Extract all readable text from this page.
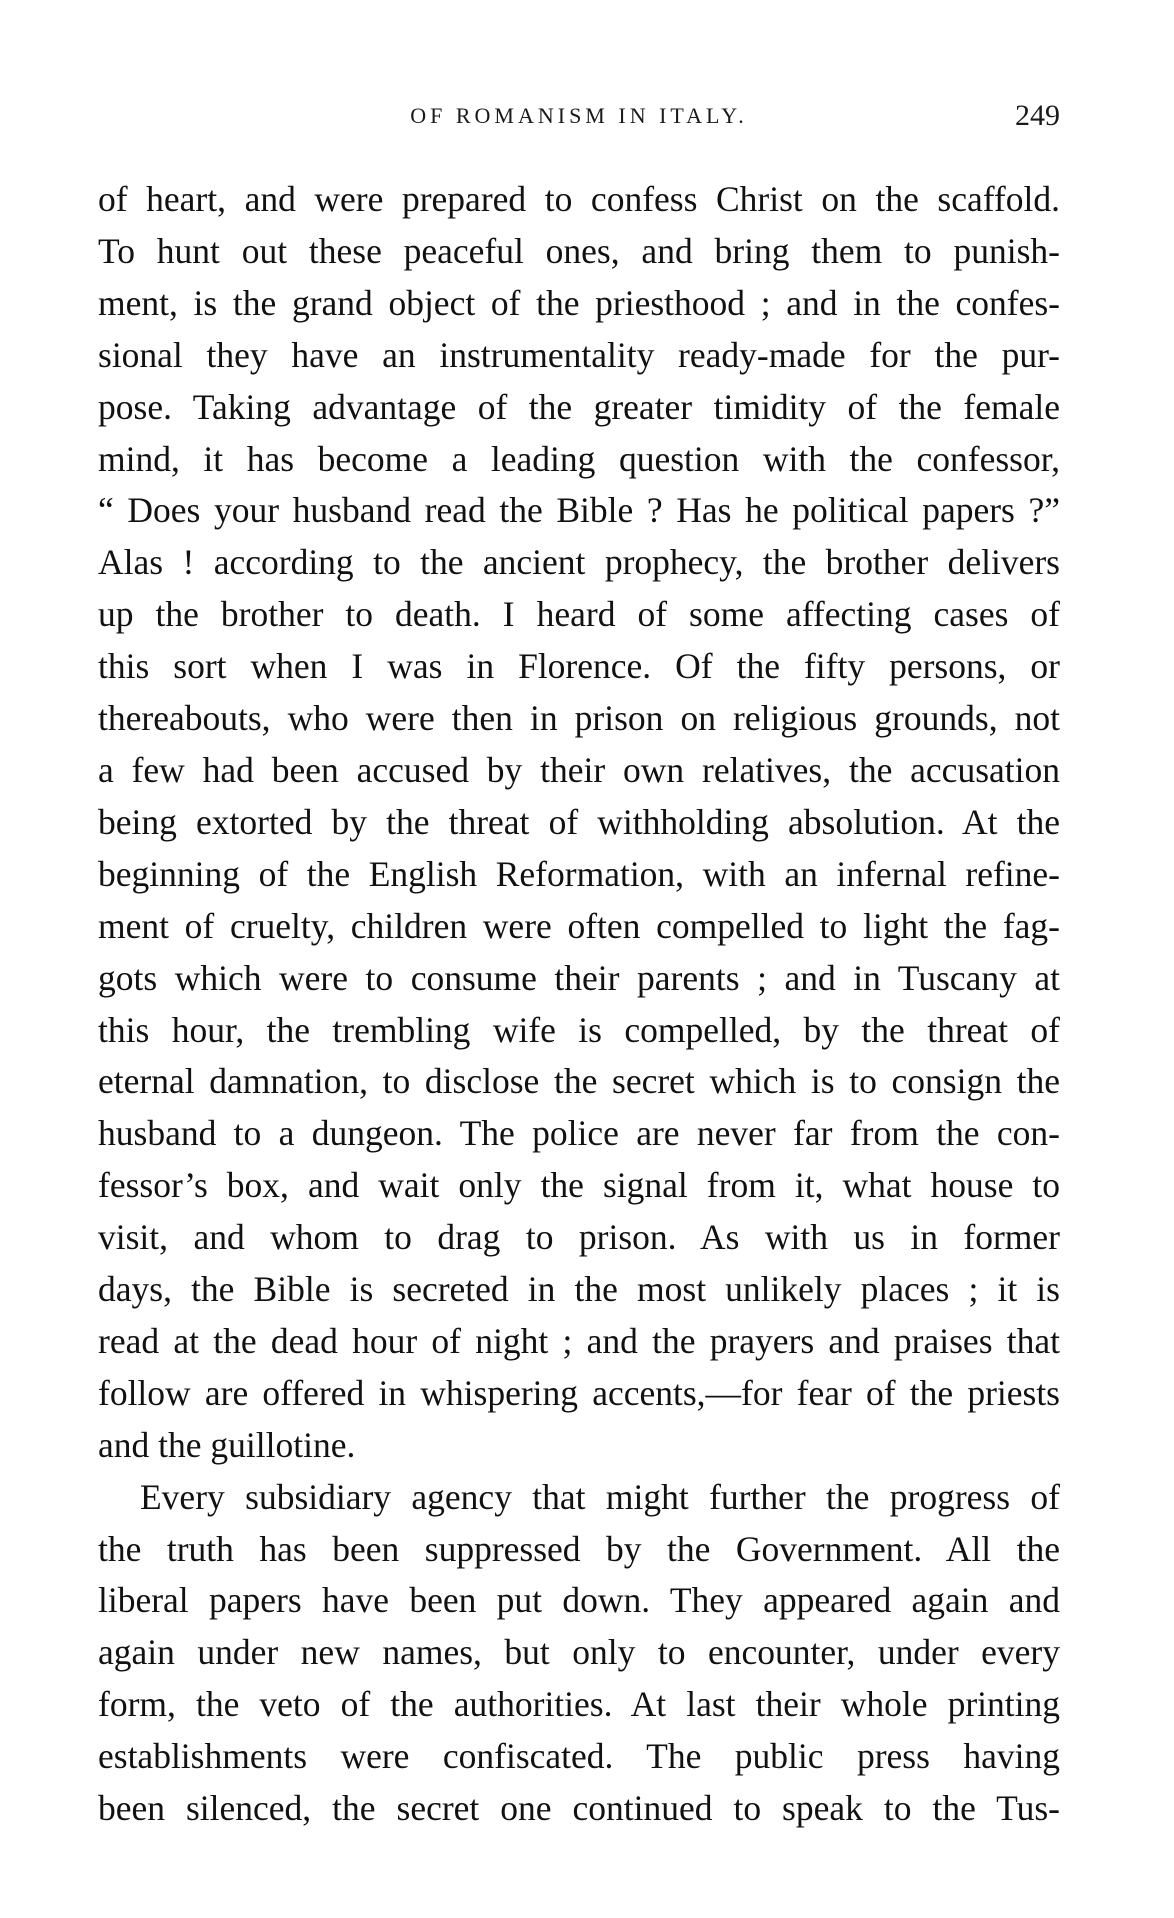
OF ROMANISM IN ITALY.	249

of heart, and were prepared to confess Christ on the scaffold.

To hunt out these peaceful ones, and bring them to punish-

ment, is the grand object of the priesthood ; and in the confes-

sional they have an instrumentality ready-made for the pur-

pose. Taking advantage of the greater timidity of the female

mind, it has become a leading question with the confessor,

“ Does your husband read the Bible ? Has he political papers ?”

Alas ! according to the ancient prophecy, the brother delivers

up the brother to death. I heard of some affecting cases of

this sort when I was in Florence. Of the fifty persons, or

thereabouts, who were then in prison on religious grounds, not

a few had been accused by their own relatives, the accusation

being extorted by the threat of withholding absolution. At the

beginning of the English Reformation, with an infernal refine-

ment of cruelty, children were often compelled to light the fag-

gots which were to consume their parents ; and in Tuscany at

this hour, the trembling wife is compelled, by the threat of

eternal damnation, to disclose the secret which is to consign the

husband to a dungeon. The police are never far from the con-

fessor’s box, and wait only the signal from it, what house to

visit, and whom to drag to prison. As with us in former

days, the Bible is secreted in the most unlikely places ; it is

read at the dead hour of night ; and the prayers and praises that

follow are offered in whispering accents,—for fear of the priests

and the guillotine.

Every subsidiary agency that might further the progress of

the truth has been suppressed by the Government. All the

liberal papers have been put down. They appeared again and

again under new names, but only to encounter, under every

form, the veto of the authorities. At last their whole printing

establishments were confiscated. The public press having

been silenced, the secret one continued to speak to the Tus-
